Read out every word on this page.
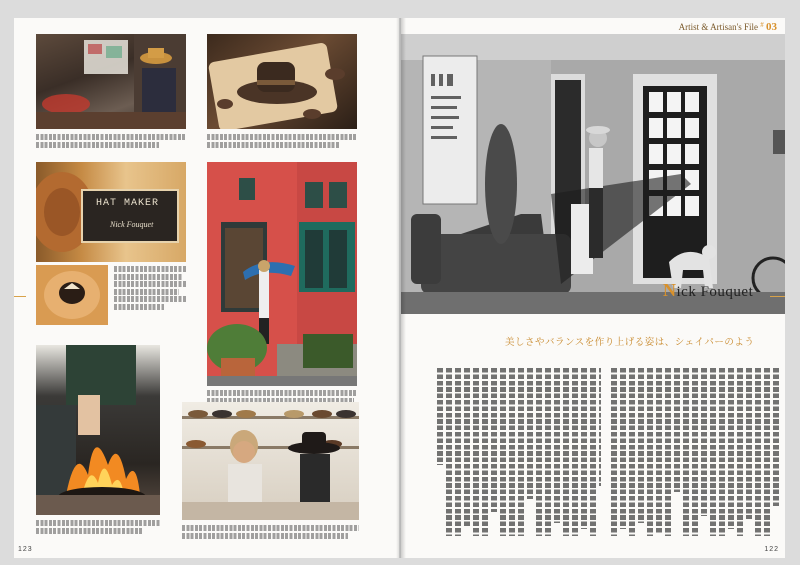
HAT MAKER
Nick Fouquet
123
Artist & Artisan's File # 03
Nick Fouquet
美しさやバランスを作り上げる姿は、シェイパーのよう
122
